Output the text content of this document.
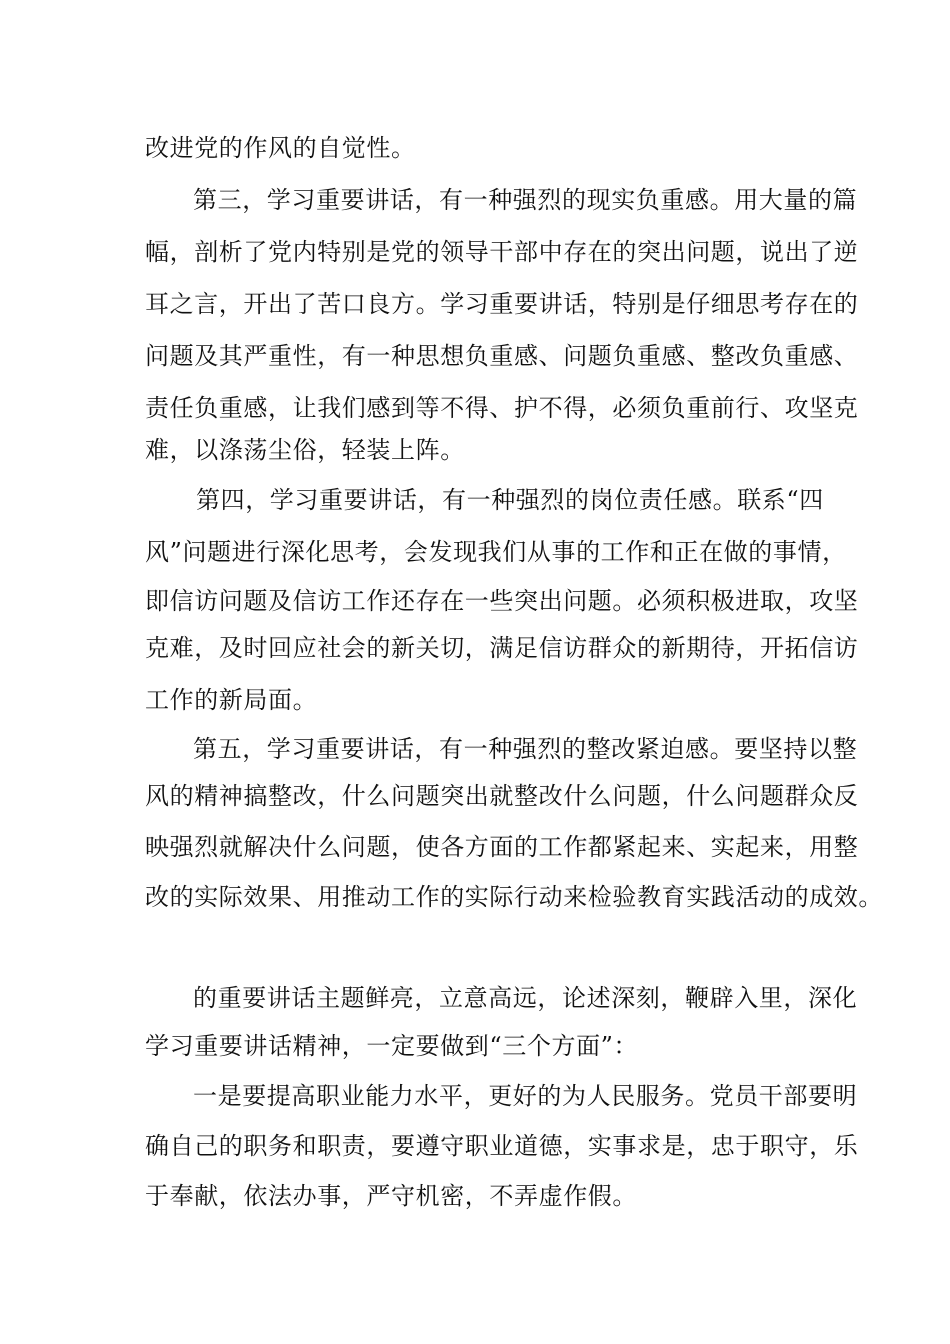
改进党的作风的自觉性。
第三，学习重要讲话，有一种强烈的现实负重感。用大量的篇
幅，剖析了党内特别是党的领导干部中存在的突出问题，说出了逆
耳之言，开出了苦口良方。学习重要讲话，特别是仔细思考存在的
问题及其严重性，有一种思想负重感、问题负重感、整改负重感、
责任负重感，让我们感到等不得、护不得，必须负重前行、攻坚克
难，以涤荡尘俗，轻装上阵。
第四，学习重要讲话，有一种强烈的岗位责任感。联系“四
风”问题进行深化思考，会发现我们从事的工作和正在做的事情，
即信访问题及信访工作还存在一些突出问题。必须积极进取，攻坚
克难，及时回应社会的新关切，满足信访群众的新期待，开拓信访
工作的新局面。
第五，学习重要讲话，有一种强烈的整改紧迫感。要坚持以整
风的精神搞整改，什么问题突出就整改什么问题，什么问题群众反
映强烈就解决什么问题，使各方面的工作都紧起来、实起来，用整
改的实际效果、用推动工作的实际行动来检验教育实践活动的成效。
的重要讲话主题鲜亮，立意高远，论述深刻，鞭辟入里，深化
学习重要讲话精神，一定要做到“三个方面”：
一是要提高职业能力水平，更好的为人民服务。党员干部要明
确自己的职务和职责，要遵守职业道德，实事求是，忠于职守，乐
于奉献，依法办事，严守机密，不弄虚作假。
